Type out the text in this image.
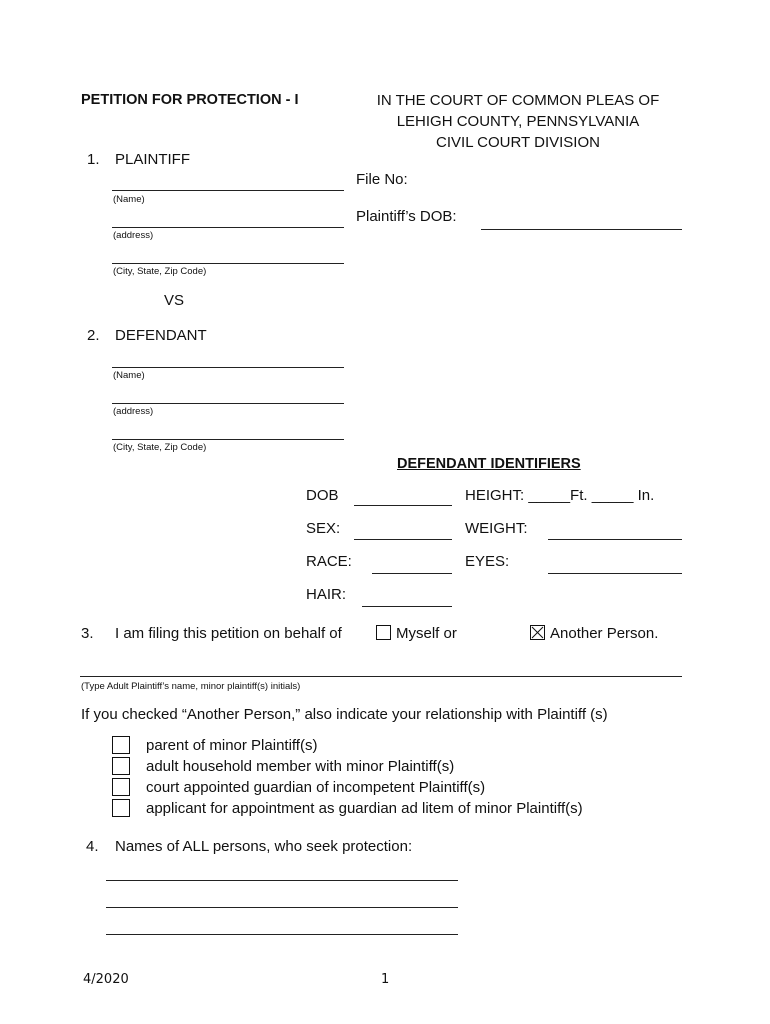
PETITION FOR PROTECTION - I	IN THE COURT OF COMMON PLEAS OF
LEHIGH COUNTY, PENNSYLVANIA
CIVIL COURT DIVISION
1. PLAINTIFF
(Name)
(address)
(City, State, Zip Code)
File No:
Plaintiff’s DOB:
VS
2. DEFENDANT
(Name)
(address)
(City, State, Zip Code)
DEFENDANT IDENTIFIERS
DOB	HEIGHT: _____Ft. _____ In.
SEX:	WEIGHT:
RACE:	EYES:
HAIR:
3. I am filing this petition on behalf of	Myself or	Another Person.
(Type Adult Plaintiff’s name, minor plaintiff(s) initials)
If you checked “Another Person,” also indicate your relationship with Plaintiff (s)
parent of minor Plaintiff(s)
adult household member with minor Plaintiff(s)
court appointed guardian of incompetent Plaintiff(s)
applicant for appointment as guardian ad litem of minor Plaintiff(s)
4. Names of ALL persons, who seek protection:
4/2020	1
